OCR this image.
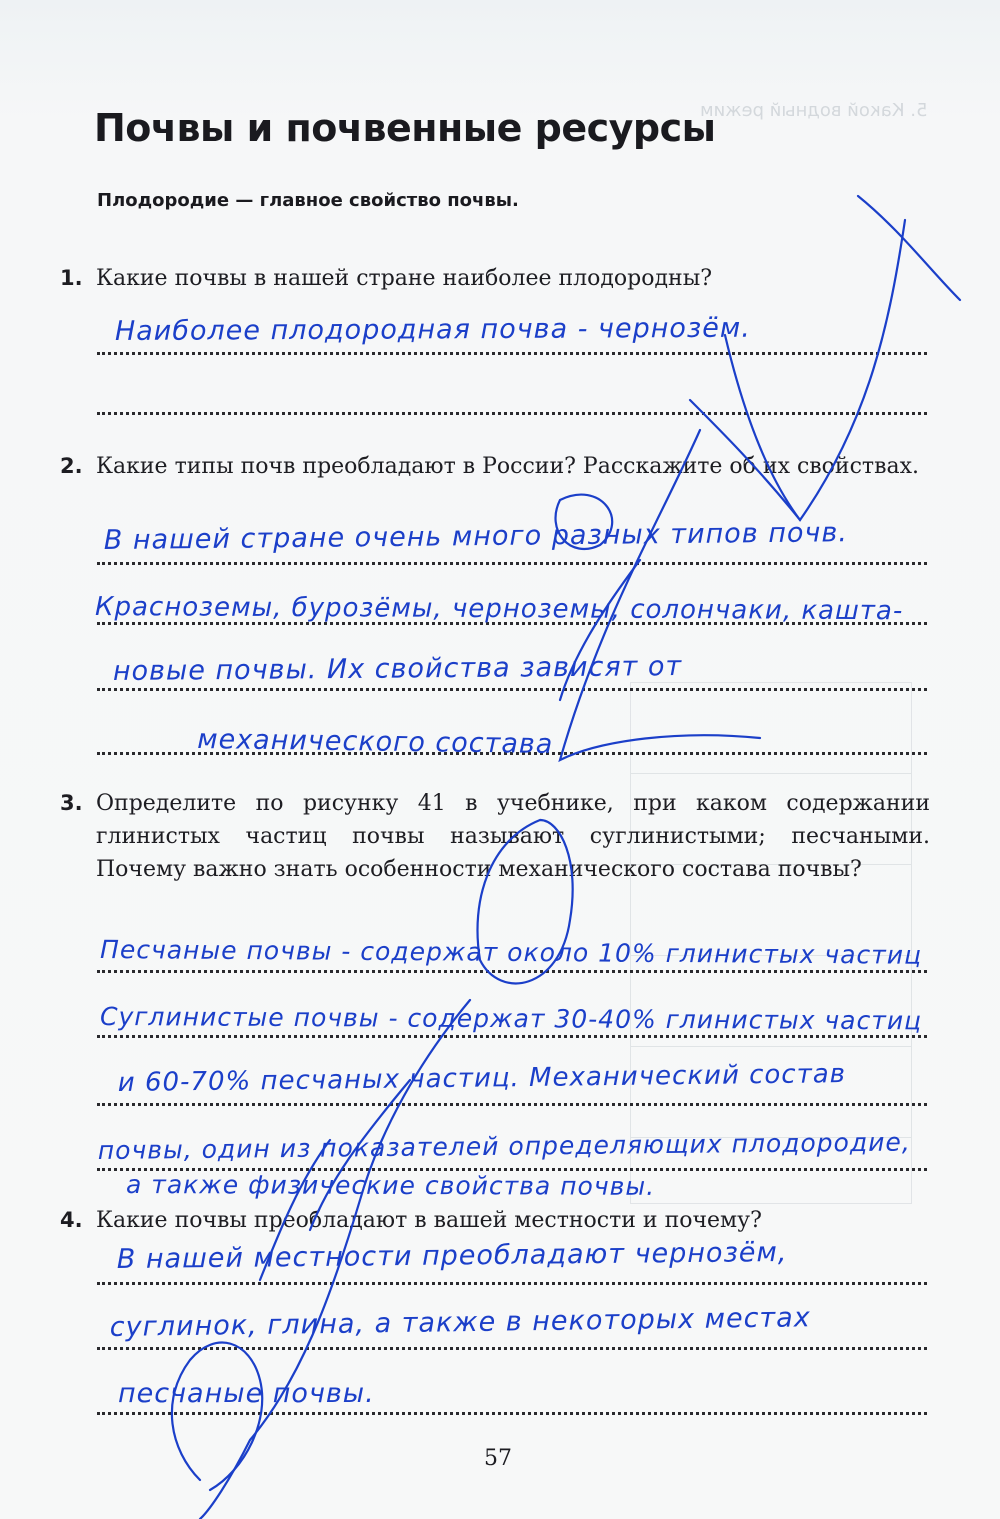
5. Какой водный режим
Почвы и почвенные ресурсы
Плодородие — главное свойство почвы.
1. Какие почвы в нашей стране наиболее плодородны?
Наиболее плодородная почва - чернозём.
2. Какие типы почв преобладают в России? Расскажите об их свойствах.
В нашей стране очень много разных типов почв.
Красноземы, бурозёмы, черноземы, солончаки, кашта-
новые почвы. Их свойства зависят от
механического состава
3. Определите по рисунку 41 в учебнике, при каком содержании глинистых частиц почвы называют суглинистыми; песчаными. Почему важно знать особенности механического состава почвы?
Песчаные почвы - содержат около 10% глинистых частиц
Суглинистые почвы - содержат 30-40% глинистых частиц
и 60-70% песчаных частиц. Механический состав
почвы, один из показателей определяющих плодородие,
а также физические свойства почвы.
4. Какие почвы преобладают в вашей местности и почему?
В нашей местности преобладают чернозём,
суглинок, глина, а также в некоторых местах
песчаные почвы.
57
